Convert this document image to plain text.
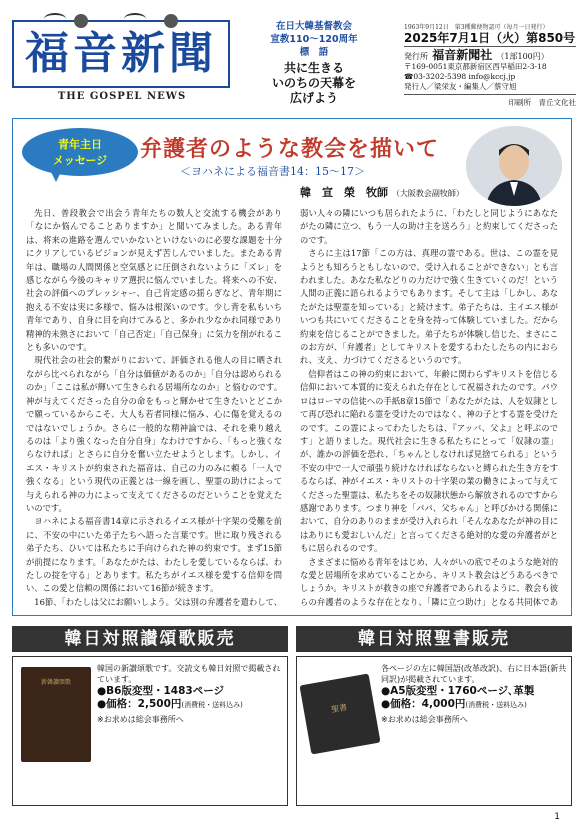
福音新聞
THE GOSPEL NEWS
在日大韓基督教会
宣教110〜120周年
標　語
共に生きる
いのちの天幕を
広げよう
1963年9月12日　第3種郵便物認可（毎月一日発行）
2025年7月1日（火）第850号
発行所 福音新聞社 （1部100円）
〒169-0051東京都新宿区西早稲田2-3-18
☎03-3202-5398 info@kccj.jp
発行人／梁栄友・編集人／蔡守旭
印刷所　青丘文化社
青年主日
メッセージ	弁護者のような教会を描いて
＜ヨハネによる福音書14：15〜17＞
韓　宣　榮　牧師 （大阪教会副牧師）

先日、普段教会で出会う青年たちの数人と交流する機会があり「なにか悩んでることありますか」と聞いてみました。ある青年は、将来の進路を選んでいかないといけないのに必要な課題を十分にクリアしているビジョンが見えず苦しんでいました。またある青年は、職場の人間関係と空気感とに圧倒されないように「ズレ」を感じながら今後のキャリア選択に悩んでいました。将来への不安、社会の評価へのプレッシャー、自己肯定感の揺らぎなど、青年期に抱える不安は実に多様で、悩みは根深いのです。少し背を私もいち青年であり、自身に目を向けてみると、多かれ少なかれ同様であり精神的未熟さにおいて「自己否定」「自己保身」に気力を削がれることも多いのです。

現代社会の社会的繋がりにおいて、評価される他人の目に晒されながら比べられながら「自分は価値があるのか」「自分は認められるのか」「ここは私が輝いて生きられる居場所なのか」と悩むのです。神が与えてくださった自分の命をもっと輝かせて生きたいとどこかで願っているからこそ、大人も若者同様に悩み、心に傷を覚えるのではないでしょうか。さらに一般的な精神論では、それを乗り越えるのは「より強くなった自分自身」なわけですから、「もっと強くならなければ」とさらに自分を奮い立たせようとします。しかし、イエス・キリストが約束された福音は、自己の力のみに頼る「一人で強くなる」という現代の正義とは一線を画し、聖霊の助けによって与えられる神の力によって支えてくださるのだということを覚えたいのです。

ヨハネによる福音書14章に示されるイエス様が十字架の受難を前に、不安の中にいた弟子たちへ語った言葉です。世に取り残される弟子たち、ひいては私たちに手向けられた神の約束です。まず15節が前提になります。「あなたがたは、わたしを愛しているならば、わたしの掟を守る」とあります。私たちがイエス様を愛する信仰を問い、この愛と信頼の関係において16節が続きます。

16節、「わたしは父にお願いしよう。父は別の弁護者を遣わして、

弱い人々の隣にいつも居られたように、「わたしと同じようにあなたがたの隣に立つ、もう一人の助け主を送ろう」と約束してくださったのです。

さらに主は17節「この方は、真理の霊である。世は、この霊を見ようとも知ろうともしないので、受け入れることができない」とも言われました。あなた私などりの力だけで強く生きていくのだ！という人間の正義に語られるようでもあります。そして主は「しかし、あなたがたは聖霊を知っている」と続けます。弟子たちは、主イエス様がいつも共にいてくださることを身を持って体験していました。だから約束を信じることができました。弟子たちが体験し信じた、まさにこのお方が、「弁護者」としてキリストを愛するわたしたちの内におられ、支え、力づけてくださるというのです。

信仰者はこの神の約束において、年齢に関わらずキリストを信じる信仰において本質的に変えられた存在として祝福されたのです。パウロはローマの信徒への手紙8章15節で「あなたがたは、人を奴隷として再び恐れに陥れる霊を受けたのではなく、神の子とする霊を受けたのです。この霊によってわたしたちは、『アッバ、父よ』と呼ぶのです」と語りました。現代社会に生きる私たちにとって「奴隷の霊」が、誰かの評価を恐れ、「ちゃんとしなければ見捨てられる」という不安の中で一人で頑張り続けなければならないと縛られた生き方をするならば、神がイエス・キリストの十字架の業の働きによって与えてくださった聖霊は、私たちをその奴隷状態から解放されるのですから感謝であります。つまり神を「パパ、父ちゃん」と呼びかける関係において、自分のありのままが受け入れられ「そんなあなたが神の目にはありにも愛おしいんだ」と言ってくださる絶対的な愛の弁護者がともに居られるのです。

さまざまに悩める青年をはじめ、人々がいの底でそのような絶対的な愛と居場所を求めていることから、キリスト教会はどうあるべきでしょうか。キリストが救きの座で弁護者であられるように、教会も彼らの弁護者のような存在となり、「隣に立つ助け」となる共同体であ

韓日対照讃頌歌販売
新韓讃頌歌
韓国の新讃頌歌です。交読文も韓日対照で掲載されています。
●B6版変型・1483ページ
●価格：2,500円(消費税・送料込み)
※お求めは総会事務所へ
韓日対照聖書販売
聖書
各ページの左に韓国語(改革改訳)、右に日本語(新共同訳)が掲載されています。
●A5版変型・1760ページ､革製
●価格：4,000円(消費税・送料込み)
※お求めは総会事務所へ
1
